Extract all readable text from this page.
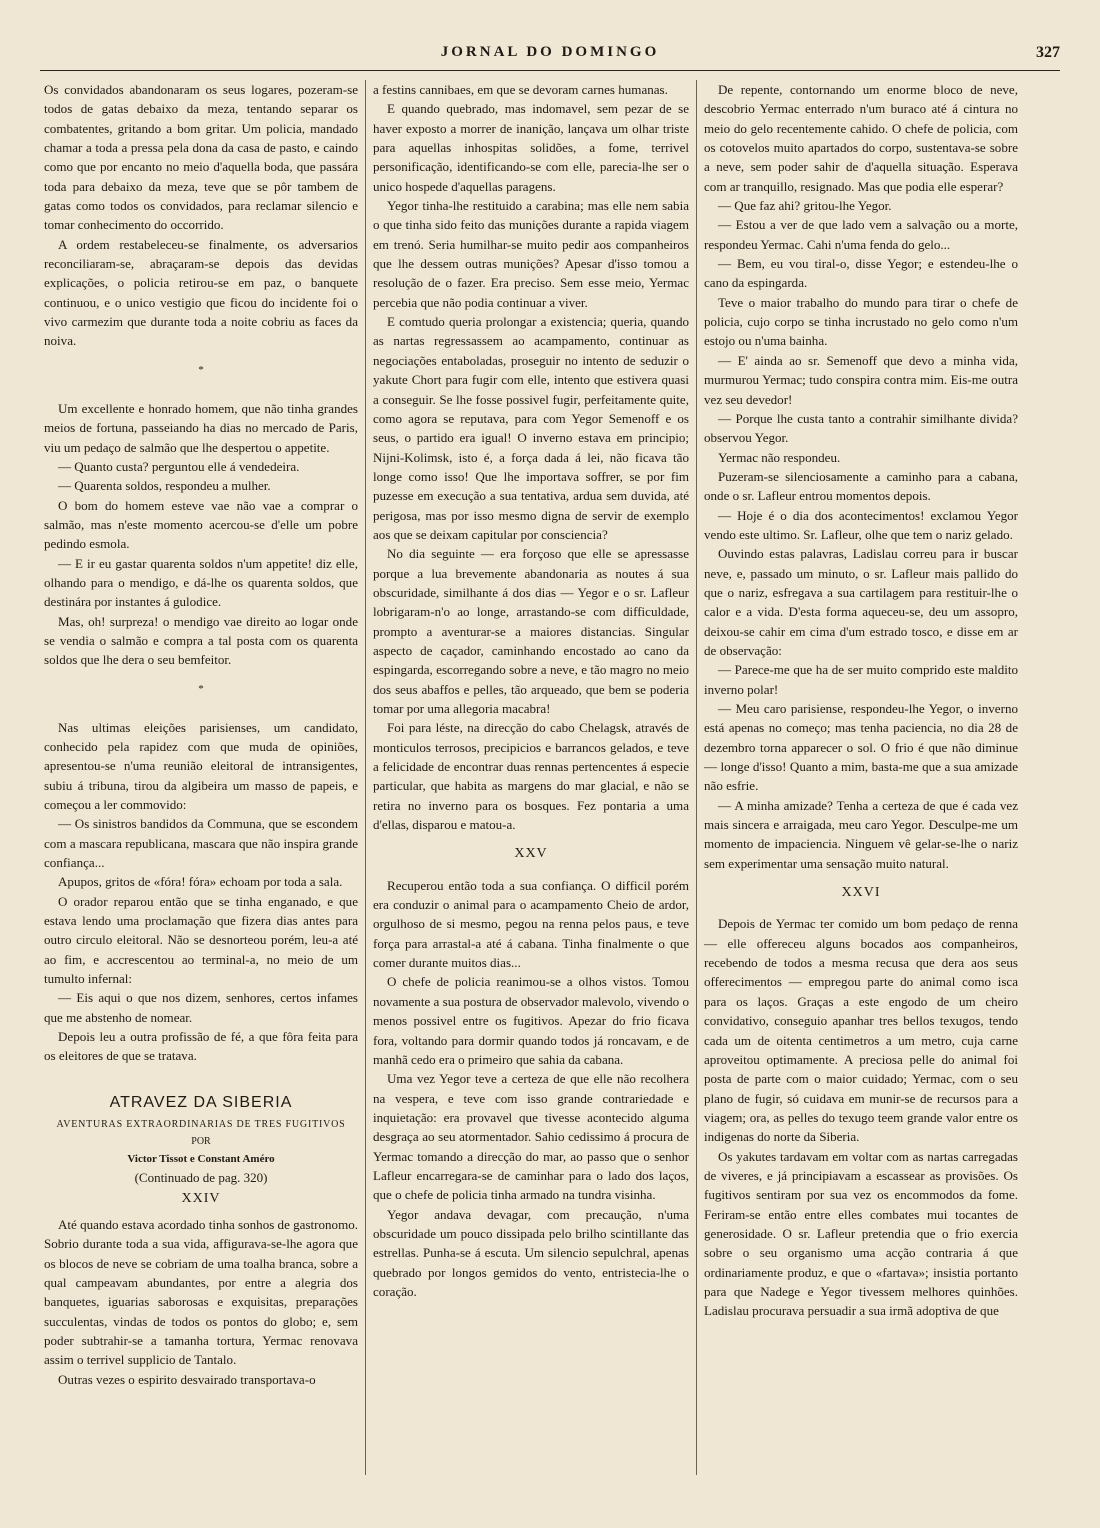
JORNAL DO DOMINGO	327

Os convidados abandonaram os seus logares, pozeram-se todos de gatas debaixo da meza, tentando separar os combatentes, gritando a bom gritar. Um policia, mandado chamar a toda a pressa pela dona da casa de pasto, e caindo como que por encanto no meio d'aquella boda, que passára toda para debaixo da meza, teve que se pôr tambem de gatas como todos os convidados, para reclamar silencio e tomar conhecimento do occorrido.

A ordem restabeleceu-se finalmente, os adversarios reconciliaram-se, abraçaram-se depois das devidas explicações, o policia retirou-se em paz, o banquete continuou, e o unico vestigio que ficou do incidente foi o vivo carmezim que durante toda a noite cobriu as faces da noiva.

*

Um excellente e honrado homem, que não tinha grandes meios de fortuna, passeiando ha dias no mercado de Paris, viu um pedaço de salmão que lhe despertou o appetite.

— Quanto custa? perguntou elle á vendedeira.

— Quarenta soldos, respondeu a mulher.

O bom do homem esteve vae não vae a comprar o salmão, mas n'este momento acercou-se d'elle um pobre pedindo esmola.

— E ir eu gastar quarenta soldos n'um appetite! diz elle, olhando para o mendigo, e dá-lhe os quarenta soldos, que destinára por instantes á gulodice.

Mas, oh! surpreza! o mendigo vae direito ao logar onde se vendia o salmão e compra a tal posta com os quarenta soldos que lhe dera o seu bemfeitor.

*

Nas ultimas eleições parisienses, um candidato, conhecido pela rapidez com que muda de opiniões, apresentou-se n'uma reunião eleitoral de intransigentes, subiu á tribuna, tirou da algibeira um masso de papeis, e começou a ler commovido:

— Os sinistros bandidos da Communa, que se escondem com a mascara republicana, mascara que não inspira grande confiança...

Apupos, gritos de «fóra! fóra» echoam por toda a sala.

O orador reparou então que se tinha enganado, e que estava lendo uma proclamação que fizera dias antes para outro circulo eleitoral. Não se desnorteou porém, leu-a até ao fim, e accrescentou ao terminal-a, no meio de um tumulto infernal:

— Eis aqui o que nos dizem, senhores, certos infames que me abstenho de nomear.

Depois leu a outra profissão de fé, a que fôra feita para os eleitores de que se tratava.

ATRAVEZ DA SIBERIA
AVENTURAS EXTRAORDINARIAS DE TRES FUGITIVOS
POR
Victor Tissot e Constant Améro
(Continuado de pag. 320)
XXIV

Até quando estava acordado tinha sonhos de gastronomo. Sobrio durante toda a sua vida, affigurava-se-lhe agora que os blocos de neve se cobriam de uma toalha branca, sobre a qual campeavam abundantes, por entre a alegria dos banquetes, iguarias saborosas e exquisitas, preparações succulentas, vindas de todos os pontos do globo; e, sem poder subtrahir-se a tamanha tortura, Yermac renovava assim o terrivel supplicio de Tantalo.

Outras vezes o espirito desvairado transportava-o

a festins cannibaes, em que se devoram carnes humanas.

E quando quebrado, mas indomavel, sem pezar de se haver exposto a morrer de inanição, lançava um olhar triste para aquellas inhospitas solidões, a fome, terrivel personificação, identificando-se com elle, parecia-lhe ser o unico hospede d'aquellas paragens.

Yegor tinha-lhe restituido a carabina; mas elle nem sabia o que tinha sido feito das munições durante a rapida viagem em trenó. Seria humilhar-se muito pedir aos companheiros que lhe dessem outras munições? Apesar d'isso tomou a resolução de o fazer. Era preciso. Sem esse meio, Yermac percebia que não podia continuar a viver.

E comtudo queria prolongar a existencia; queria, quando as nartas regressassem ao acampamento, continuar as negociações entaboladas, proseguir no intento de seduzir o yakute Chort para fugir com elle, intento que estivera quasi a conseguir. Se lhe fosse possivel fugir, perfeitamente quite, como agora se reputava, para com Yegor Semenoff e os seus, o partido era igual! O inverno estava em principio; Nijni-Kolimsk, isto é, a força dada á lei, não ficava tão longe como isso! Que lhe importava soffrer, se por fim puzesse em execução a sua tentativa, ardua sem duvida, até perigosa, mas por isso mesmo digna de servir de exemplo aos que se deixam capitular por consciencia?

No dia seguinte — era forçoso que elle se apressasse porque a lua brevemente abandonaria as noutes á sua obscuridade, similhante á dos dias — Yegor e o sr. Lafleur lobrigaram-n'o ao longe, arrastando-se com difficuldade, prompto a aventurar-se a maiores distancias. Singular aspecto de caçador, caminhando encostado ao cano da espingarda, escorregando sobre a neve, e tão magro no meio dos seus abaffos e pelles, tão arqueado, que bem se poderia tomar por uma allegoria macabra!

Foi para léste, na direcção do cabo Chelagsk, através de monticulos terrosos, precipicios e barrancos gelados, e teve a felicidade de encontrar duas rennas pertencentes á especie particular, que habita as margens do mar glacial, e não se retira no inverno para os bosques. Fez pontaria a uma d'ellas, disparou e matou-a.

XXV

Recuperou então toda a sua confiança. O difficil porém era conduzir o animal para o acampamento Cheio de ardor, orgulhoso de si mesmo, pegou na renna pelos paus, e teve força para arrastal-a até á cabana. Tinha finalmente o que comer durante muitos dias...

O chefe de policia reanimou-se a olhos vistos. Tomou novamente a sua postura de observador malevolo, vivendo o menos possivel entre os fugitivos. Apezar do frio ficava fora, voltando para dormir quando todos já roncavam, e de manhã cedo era o primeiro que sahia da cabana.

Uma vez Yegor teve a certeza de que elle não recolhera na vespera, e teve com isso grande contrariedade e inquietação: era provavel que tivesse acontecido alguma desgraça ao seu atormentador. Sahio cedissimo á procura de Yermac tomando a direcção do mar, ao passo que o senhor Lafleur encarregara-se de caminhar para o lado dos laços, que o chefe de policia tinha armado na tundra visinha.

Yegor andava devagar, com precaução, n'uma obscuridade um pouco dissipada pelo brilho scintillante das estrellas. Punha-se á escuta. Um silencio sepulchral, apenas quebrado por longos gemidos do vento, entristecia-lhe o coração.

De repente, contornando um enorme bloco de neve, descobrio Yermac enterrado n'um buraco até á cintura no meio do gelo recentemente cahido. O chefe de policia, com os cotovelos muito apartados do corpo, sustentava-se sobre a neve, sem poder sahir de d'aquella situação. Esperava com ar tranquillo, resignado. Mas que podia elle esperar?

— Que faz ahi? gritou-lhe Yegor.

— Estou a ver de que lado vem a salvação ou a morte, respondeu Yermac. Cahi n'uma fenda do gelo...

— Bem, eu vou tiral-o, disse Yegor; e estendeu-lhe o cano da espingarda.

Teve o maior trabalho do mundo para tirar o chefe de policia, cujo corpo se tinha incrustado no gelo como n'um estojo ou n'uma bainha.

— E' ainda ao sr. Semenoff que devo a minha vida, murmurou Yermac; tudo conspira contra mim. Eis-me outra vez seu devedor!

— Porque lhe custa tanto a contrahir similhante divida? observou Yegor.

Yermac não respondeu.

Puzeram-se silenciosamente a caminho para a cabana, onde o sr. Lafleur entrou momentos depois.

— Hoje é o dia dos acontecimentos! exclamou Yegor vendo este ultimo. Sr. Lafleur, olhe que tem o nariz gelado.

Ouvindo estas palavras, Ladislau correu para ir buscar neve, e, passado um minuto, o sr. Lafleur mais pallido do que o nariz, esfregava a sua cartilagem para restituir-lhe o calor e a vida. D'esta forma aqueceu-se, deu um assopro, deixou-se cahir em cima d'um estrado tosco, e disse em ar de observação:

— Parece-me que ha de ser muito comprido este maldito inverno polar!

— Meu caro parisiense, respondeu-lhe Yegor, o inverno está apenas no começo; mas tenha paciencia, no dia 28 de dezembro torna apparecer o sol. O frio é que não diminue — longe d'isso! Quanto a mim, basta-me que a sua amizade não esfrie.

— A minha amizade? Tenha a certeza de que é cada vez mais sincera e arraigada, meu caro Yegor. Desculpe-me um momento de impaciencia. Ninguem vê gelar-se-lhe o nariz sem experimentar uma sensação muito natural.

XXVI

Depois de Yermac ter comido um bom pedaço de renna — elle offereceu alguns bocados aos companheiros, recebendo de todos a mesma recusa que dera aos seus offerecimentos — empregou parte do animal como isca para os laços. Graças a este engodo de um cheiro convidativo, conseguio apanhar tres bellos texugos, tendo cada um de oitenta centimetros a um metro, cuja carne aproveitou optimamente. A preciosa pelle do animal foi posta de parte com o maior cuidado; Yermac, com o seu plano de fugir, só cuidava em munir-se de recursos para a viagem; ora, as pelles do texugo teem grande valor entre os indigenas do norte da Siberia.

Os yakutes tardavam em voltar com as nartas carregadas de viveres, e já principiavam a escassear as provisões. Os fugitivos sentiram por sua vez os encommodos da fome. Feriram-se então entre elles combates mui tocantes de generosidade. O sr. Lafleur pretendia que o frio exercia sobre o seu organismo uma acção contraria á que ordinariamente produz, e que o «fartava»; insistia portanto para que Nadege e Yegor tivessem melhores quinhões. Ladislau procurava persuadir a sua irmã adoptiva de que
